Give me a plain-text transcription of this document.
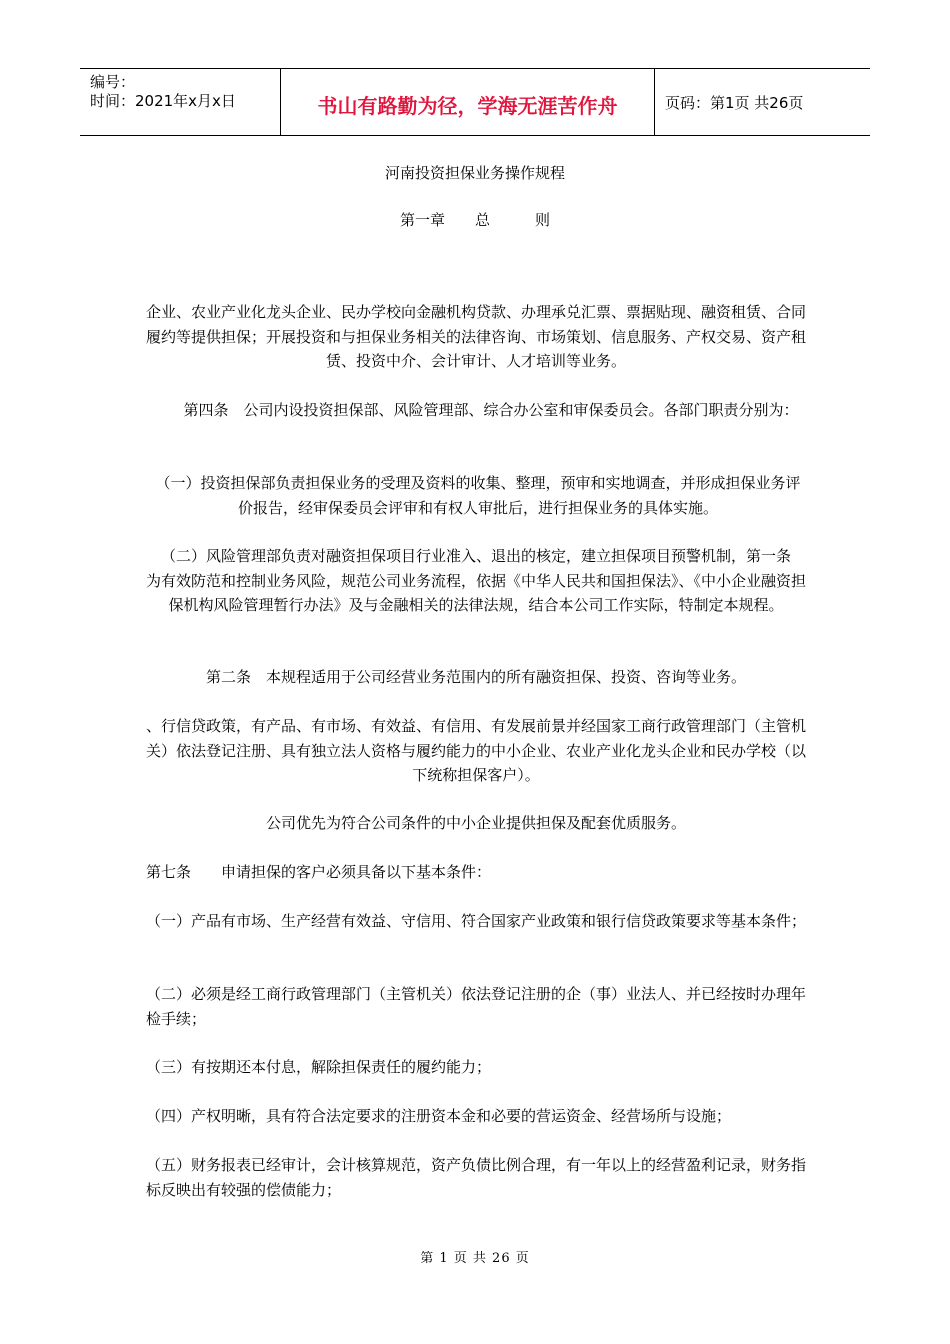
编号：
时间：2021年x月x日	书山有路勤为径，学海无涯苦作舟	页码：第1页 共26页
河南投资担保业务操作规程
第一章　　总　　　则
企业、农业产业化龙头企业、民办学校向金融机构贷款、办理承兑汇票、票据贴现、融资租赁、合同履约等提供担保；开展投资和与担保业务相关的法律咨询、市场策划、信息服务、产权交易、资产租赁、投资中介、会计审计、人才培训等业务。
第四条　公司内设投资担保部、风险管理部、综合办公室和审保委员会。各部门职责分别为：
（一）投资担保部负责担保业务的受理及资料的收集、整理，预审和实地调查，并形成担保业务评价报告，经审保委员会评审和有权人审批后，进行担保业务的具体实施。
（二）风险管理部负责对融资担保项目行业准入、退出的核定，建立担保项目预警机制，第一条　　为有效防范和控制业务风险，规范公司业务流程，依据《中华人民共和国担保法》、《中小企业融资担保机构风险管理暂行办法》及与金融相关的法律法规，结合本公司工作实际，特制定本规程。
第二条　本规程适用于公司经营业务范围内的所有融资担保、投资、咨询等业务。
、行信贷政策，有产品、有市场、有效益、有信用、有发展前景并经国家工商行政管理部门（主管机关）依法登记注册、具有独立法人资格与履约能力的中小企业、农业产业化龙头企业和民办学校（以下统称担保客户）。
公司优先为符合公司条件的中小企业提供担保及配套优质服务。
第七条　　申请担保的客户必须具备以下基本条件：
（一）产品有市场、生产经营有效益、守信用、符合国家产业政策和银行信贷政策要求等基本条件；
（二）必须是经工商行政管理部门（主管机关）依法登记注册的企（事）业法人、并已经按时办理年检手续；
（三）有按期还本付息，解除担保责任的履约能力；
（四）产权明晰，具有符合法定要求的注册资本金和必要的营运资金、经营场所与设施；
（五）财务报表已经审计，会计核算规范，资产负债比例合理，有一年以上的经营盈利记录，财务指标反映出有较强的偿债能力；
第 1 页 共 26 页
